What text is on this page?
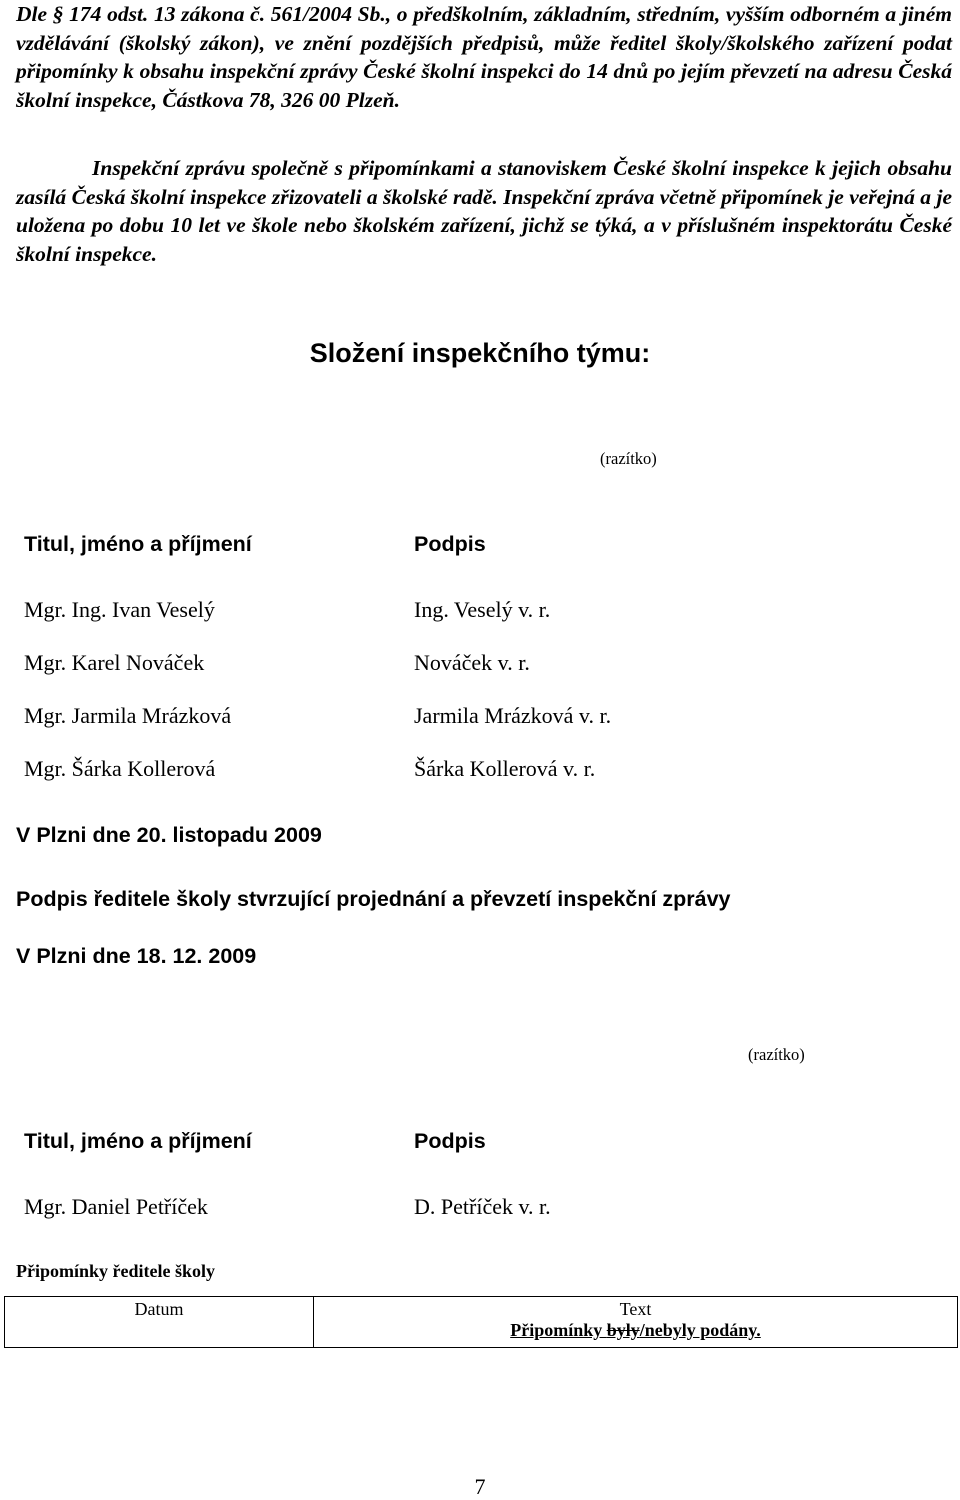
Dle § 174 odst. 13 zákona č. 561/2004 Sb., o předškolním, základním, středním, vyšším odborném a jiném vzdělávání (školský zákon), ve znění pozdějších předpisů, může ředitel školy/školského zařízení podat připomínky k obsahu inspekční zprávy České školní inspekci do 14 dnů po jejím převzetí na adresu Česká školní inspekce, Částkova 78, 326 00 Plzeň.

Inspekční zprávu společně s připomínkami a stanoviskem České školní inspekce k jejich obsahu zasílá Česká školní inspekce zřizovateli a školské radě. Inspekční zpráva včetně připomínek je veřejná a je uložena po dobu 10 let ve škole nebo školském zařízení, jichž se týká, a v příslušném inspektorátu České školní inspekce.

Složení inspekčního týmu:
(razítko)
Titul, jméno a příjmení	Podpis
Mgr. Ing. Ivan Veselý	Ing. Veselý v. r.
Mgr. Karel Nováček	Nováček v. r.
Mgr. Jarmila Mrázková	Jarmila Mrázková v. r.
Mgr. Šárka Kollerová	Šárka Kollerová v. r.
V Plzni dne 20. listopadu 2009
Podpis ředitele školy stvrzující projednání a převzetí inspekční zprávy
V Plzni dne 18. 12. 2009
(razítko)
Titul, jméno a příjmení	Podpis
Mgr. Daniel Petříček	D. Petříček v. r.
Připomínky ředitele školy
Datum	Text
Připomínky byly/nebyly podány.
7
